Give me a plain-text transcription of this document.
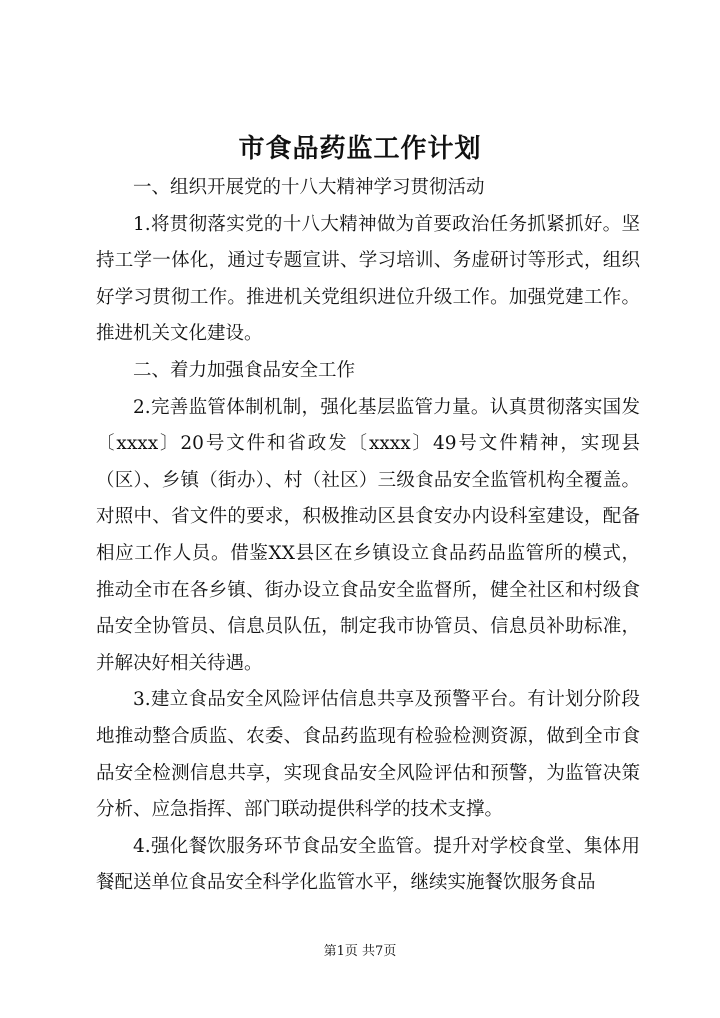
市食品药监工作计划

一、组织开展党的十八大精神学习贯彻活动

1.将贯彻落实党的十八大精神做为首要政治任务抓紧抓好。坚持工学一体化，通过专题宣讲、学习培训、务虚研讨等形式，组织好学习贯彻工作。推进机关党组织进位升级工作。加强党建工作。推进机关文化建设。

二、着力加强食品安全工作

2.完善监管体制机制，强化基层监管力量。认真贯彻落实国发〔xxxx〕20号文件和省政发〔xxxx〕49号文件精神，实现县（区）、乡镇（街办）、村（社区）三级食品安全监管机构全覆盖。对照中、省文件的要求，积极推动区县食安办内设科室建设，配备相应工作人员。借鉴XX县区在乡镇设立食品药品监管所的模式，推动全市在各乡镇、街办设立食品安全监督所，健全社区和村级食品安全协管员、信息员队伍，制定我市协管员、信息员补助标准，并解决好相关待遇。

3.建立食品安全风险评估信息共享及预警平台。有计划分阶段地推动整合质监、农委、食品药监现有检验检测资源，做到全市食品安全检测信息共享，实现食品安全风险评估和预警，为监管决策分析、应急指挥、部门联动提供科学的技术支撑。

4.强化餐饮服务环节食品安全监管。提升对学校食堂、集体用餐配送单位食品安全科学化监管水平，继续实施餐饮服务食品

第1页 共7页
